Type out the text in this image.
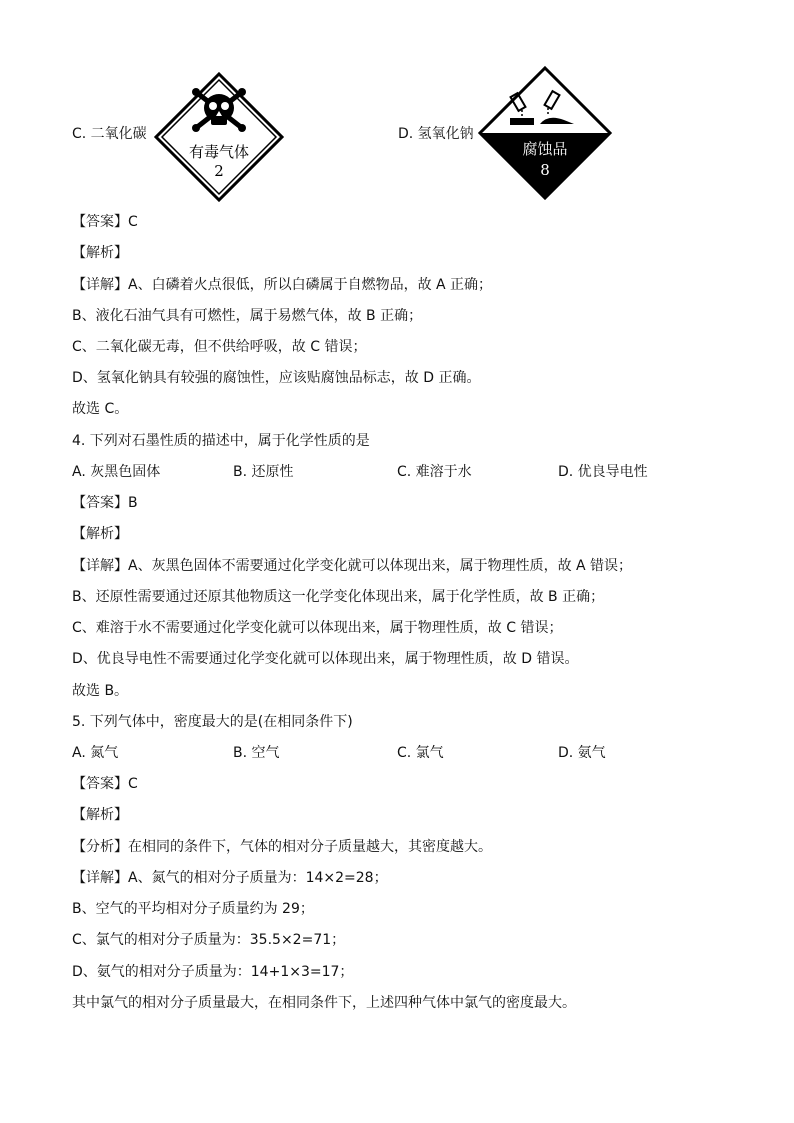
C. 二氧化碳
有毒气体
2
D. 氢氧化钠
腐蚀品
8
【答案】C
【解析】
【详解】A、白磷着火点很低，所以白磷属于自燃物品，故 A 正确；
B、液化石油气具有可燃性，属于易燃气体，故 B 正确；
C、二氧化碳无毒，但不供给呼吸，故 C 错误；
D、氢氧化钠具有较强的腐蚀性，应该贴腐蚀品标志，故 D 正确。
故选 C。
4. 下列对石墨性质的描述中，属于化学性质的是
A. 灰黑色固体	B. 还原性	C. 难溶于水	D. 优良导电性
【答案】B
【解析】
【详解】A、灰黑色固体不需要通过化学变化就可以体现出来，属于物理性质，故 A 错误；
B、还原性需要通过还原其他物质这一化学变化体现出来，属于化学性质，故 B 正确；
C、难溶于水不需要通过化学变化就可以体现出来，属于物理性质，故 C 错误；
D、优良导电性不需要通过化学变化就可以体现出来，属于物理性质，故 D 错误。
故选 B。
5. 下列气体中，密度最大的是(在相同条件下)
A. 氮气	B. 空气	C. 氯气	D. 氨气
【答案】C
【解析】
【分析】在相同的条件下，气体的相对分子质量越大，其密度越大。
【详解】A、氮气的相对分子质量为：14×2=28；
B、空气的平均相对分子质量约为 29；
C、氯气的相对分子质量为：35.5×2=71；
D、氨气的相对分子质量为：14+1×3=17；
其中氯气的相对分子质量最大，在相同条件下，上述四种气体中氯气的密度最大。
